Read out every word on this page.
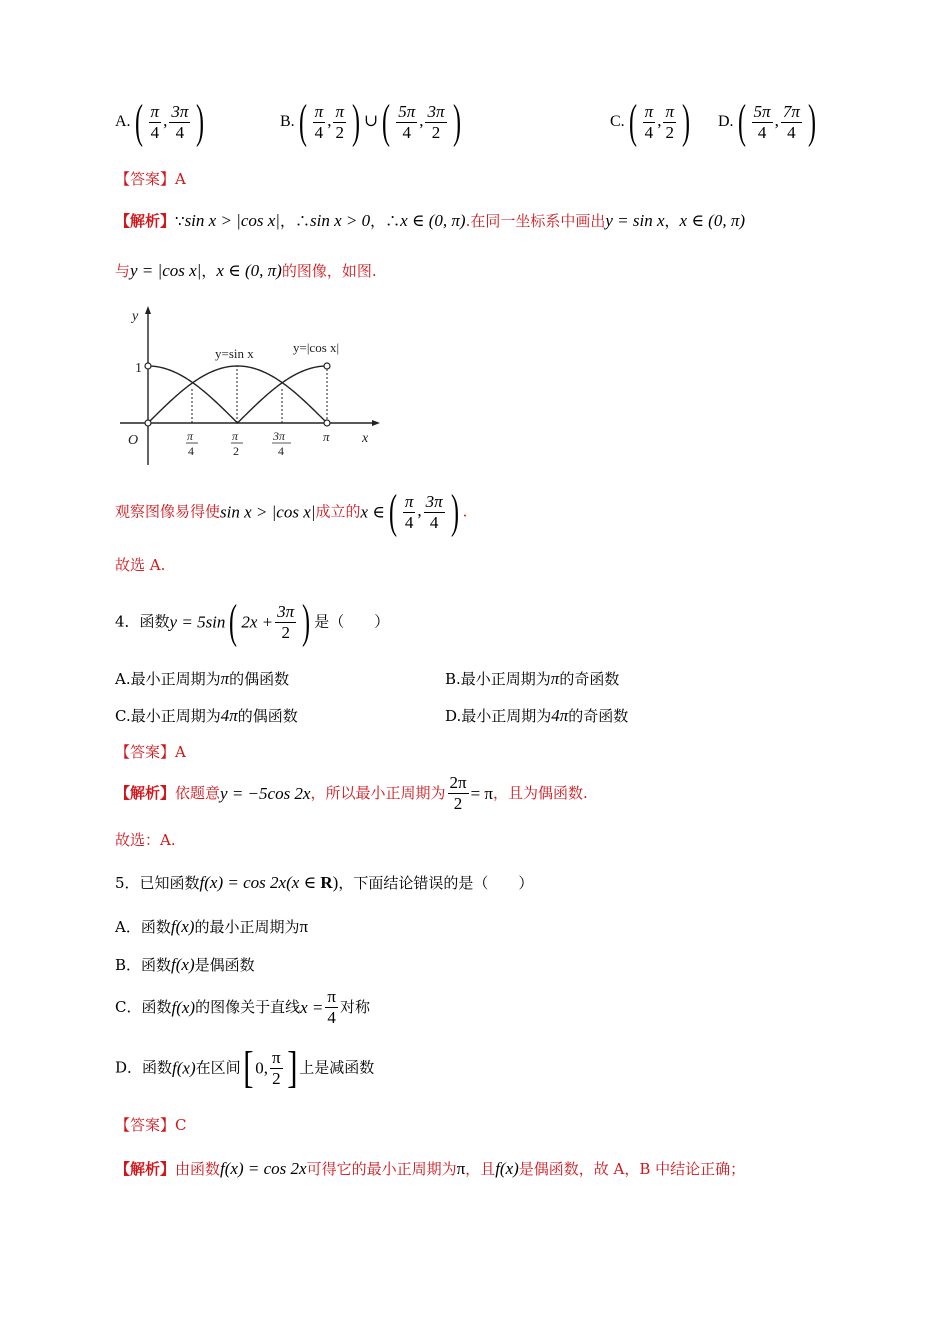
$A.( \frac{\pi}{4}$ , $\frac{3\pi}{4}$ )	$B.( \frac{\pi}{4}$ , $\frac{\pi}{2}$ ) ∪( $\frac{5\pi}{4}$ , $\frac{3\pi}{2}$ )	$C.( \frac{\pi}{4}$ , $\frac{\pi}{2}$ ) $D.( \frac{5\pi}{4}$ , $\frac{7\pi}{4}$ )
【答案】A
【解析】∵sin x > |cos x|，∴sin x > 0，∴x ∈ (0, π).在同一坐标系中画出y = sin x，x ∈ (0, π)
与y = |cos x|，x ∈ (0, π)的图像，如图.
y
x
O
1
y=sin x	y=|cos x|
π
4
π
2
3π
4
π
观察图像易得使sin x > |cos x|成立的x ∈( $\frac{\pi}{4}$ , $\frac{3\pi}{4}$ ) .
故选 A.
4．函数y = 5sin( $2x + \frac{3\pi}{2}$ ) 是（　　）
A.最小正周期为π的偶函数	B.最小正周期为π的奇函数
C.最小正周期为4π的偶函数	D.最小正周期为4π的奇函数
【答案】A
【解析】依题意y = −5cos 2x，所以最小正周期为 $\frac{2\pi}{2} = \pi$，且为偶函数.
故选：A.
5．已知函数f(x) = cos 2x(x ∈ R)，下面结论错误的是（　　）
A．函数f(x)的最小正周期为π
B．函数f(x)是偶函数
C．函数f(x)的图像关于直线$x = \frac{\pi}{4}$ 对称
D．函数f(x)在区间[ 0, $\frac{\pi}{2}$ ] 上是减函数
【答案】C
【解析】由函数f(x) = cos 2x可得它的最小正周期为π，且f(x)是偶函数，故 A，B 中结论正确；
